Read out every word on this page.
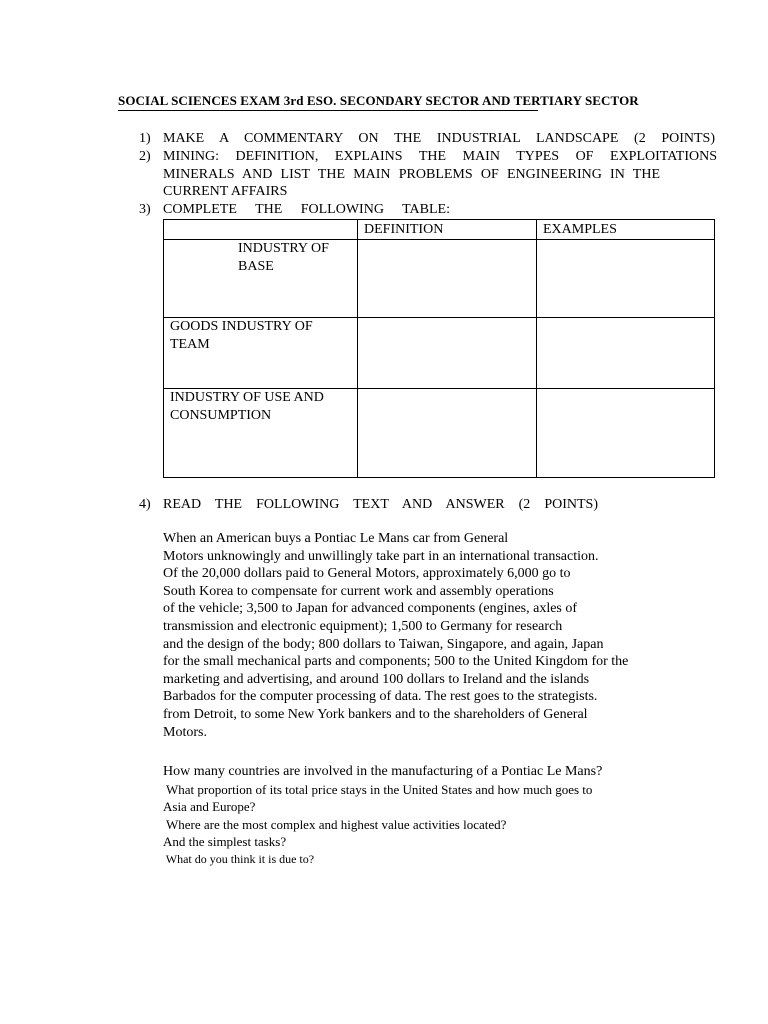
SOCIAL SCIENCES EXAM 3rd ESO. SECONDARY SECTOR AND TERTIARY SECTOR
1) MAKE A COMMENTARY ON THE INDUSTRIAL LANDSCAPE (2 POINTS)
2) MINING: DEFINITION, EXPLAINS THE MAIN TYPES OF EXPLOITATIONS
MINERALS AND LIST THE MAIN PROBLEMS OF ENGINEERING IN THE
CURRENT AFFAIRS
3) COMPLETE THE FOLLOWING TABLE:

	DEFINITION	EXAMPLES

INDUSTRY OF
BASE		

GOODS INDUSTRY OF
TEAM		

INDUSTRY OF USE AND
CONSUMPTION		

4) READ THE FOLLOWING TEXT AND ANSWER (2 POINTS)
When an American buys a Pontiac Le Mans car from General
Motors unknowingly and unwillingly take part in an international transaction.
Of the 20,000 dollars paid to General Motors, approximately 6,000 go to
South Korea to compensate for current work and assembly operations
of the vehicle; 3,500 to Japan for advanced components (engines, axles of
transmission and electronic equipment); 1,500 to Germany for research
and the design of the body; 800 dollars to Taiwan, Singapore, and again, Japan
for the small mechanical parts and components; 500 to the United Kingdom for the
marketing and advertising, and around 100 dollars to Ireland and the islands
Barbados for the computer processing of data. The rest goes to the strategists.
from Detroit, to some New York bankers and to the shareholders of General
Motors.
How many countries are involved in the manufacturing of a Pontiac Le Mans?
What proportion of its total price stays in the United States and how much goes to
Asia and Europe?
Where are the most complex and highest value activities located?
And the simplest tasks?
What do you think it is due to?
